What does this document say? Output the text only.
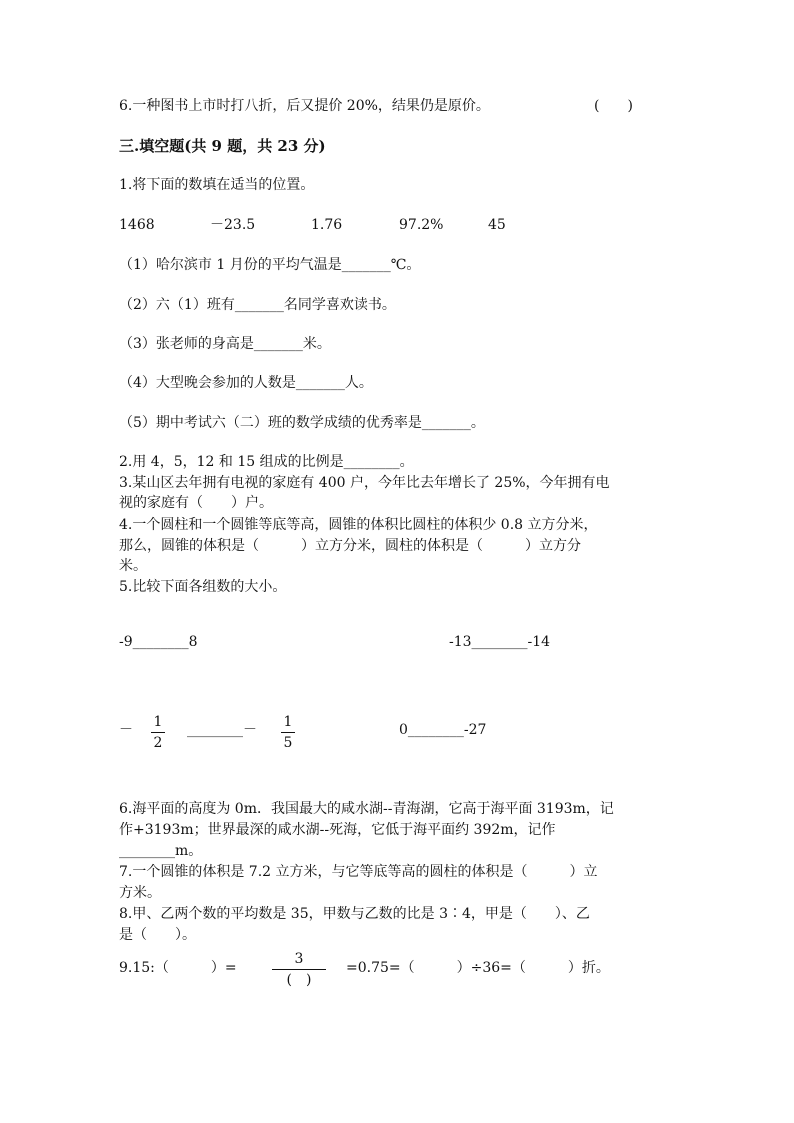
6.一种图书上市时打八折，后又提价 20%，结果仍是原价。	(　　)
三.填空题(共 9 题，共 23 分)
1.将下面的数填在适当的位置。
1468	－23.5	1.76	97.2%	45
（1）哈尔滨市 1 月份的平均气温是_______℃。
（2）六（1）班有_______名同学喜欢读书。
（3）张老师的身高是_______米。
（4）大型晚会参加的人数是_______人。
（5）期中考试六（二）班的数学成绩的优秀率是_______。
2.用 4，5，12 和 15 组成的比例是________。
3.某山区去年拥有电视的家庭有 400 户，今年比去年增长了 25%，今年拥有电
视的家庭有（　　）户。
4.一个圆柱和一个圆锥等底等高，圆锥的体积比圆柱的体积少 0.8 立方分米，
那么，圆锥的体积是（　　　）立方分米，圆柱的体积是（　　　）立方分
米。
5.比较下面各组数的大小。
-9________8	-13________-14
－	1
2
________－	1
5
0________-27
6.海平面的高度为 0m．我国最大的咸水湖--青海湖，它高于海平面 3193m，记
作+3193m；世界最深的咸水湖--死海，它低于海平面约 392m，记作
________m。
7.一个圆锥的体积是 7.2 立方米，与它等底等高的圆柱的体积是（　　　）立
方米。
8.甲、乙两个数的平均数是 35，甲数与乙数的比是 3∶4，甲是（　　）、乙
是（　　）。
9.15:（　　　）=
3
(　)
=0.75=（　　　）÷36=（　　　）折。
